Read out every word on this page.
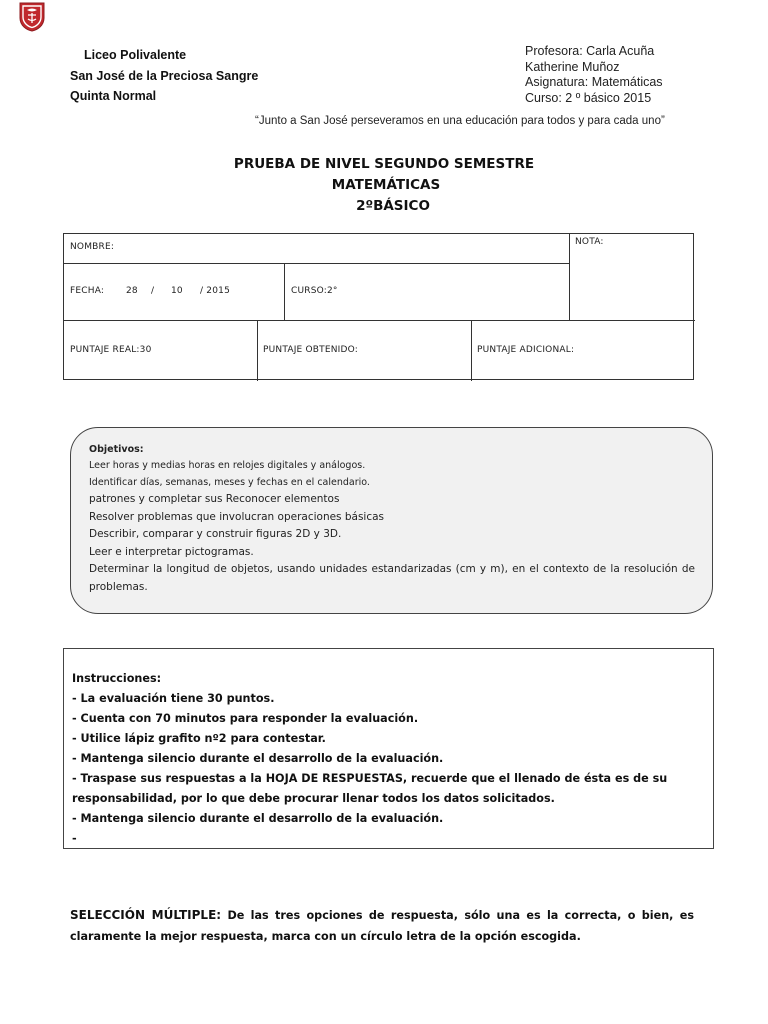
Liceo Polivalente
San José de la Preciosa Sangre
Quinta Normal
Profesora: Carla Acuña
Katherine Muñoz
Asignatura: Matemáticas
Curso: 2 º básico 2015
“Junto a San José perseveramos en una educación para todos y para cada uno”
PRUEBA DE NIVEL SEGUNDO SEMESTRE
MATEMÁTICAS
2ºBÁSICO
NOMBRE:	NOTA:
FECHA: 28 / 10 / 2015	CURSO:2°
PUNTAJE REAL:30	PUNTAJE OBTENIDO:	PUNTAJE ADICIONAL:
Objetivos:
Leer horas y medias horas en relojes digitales y análogos.
Identificar días, semanas, meses y fechas en el calendario.
patrones y completar sus Reconocer elementos
Resolver problemas que involucran operaciones básicas
Describir, comparar y construir figuras 2D y 3D.
Leer e interpretar pictogramas.
Determinar la longitud de objetos, usando unidades estandarizadas (cm y m), en el contexto de la resolución de problemas.
Instrucciones:
- La evaluación tiene 30 puntos.
- Cuenta con 70 minutos para responder la evaluación.
- Utilice lápiz grafito nº2 para contestar.
- Mantenga silencio durante el desarrollo de la evaluación.
- Traspase sus respuestas a la HOJA DE RESPUESTAS, recuerde que el llenado de ésta es de su responsabilidad, por lo que debe procurar llenar todos los datos solicitados.
- Mantenga silencio durante el desarrollo de la evaluación.
-
SELECCIÓN MÚLTIPLE: De las tres opciones de respuesta, sólo una es la correcta, o bien, es claramente la mejor respuesta, marca con un círculo letra de la opción escogida.
